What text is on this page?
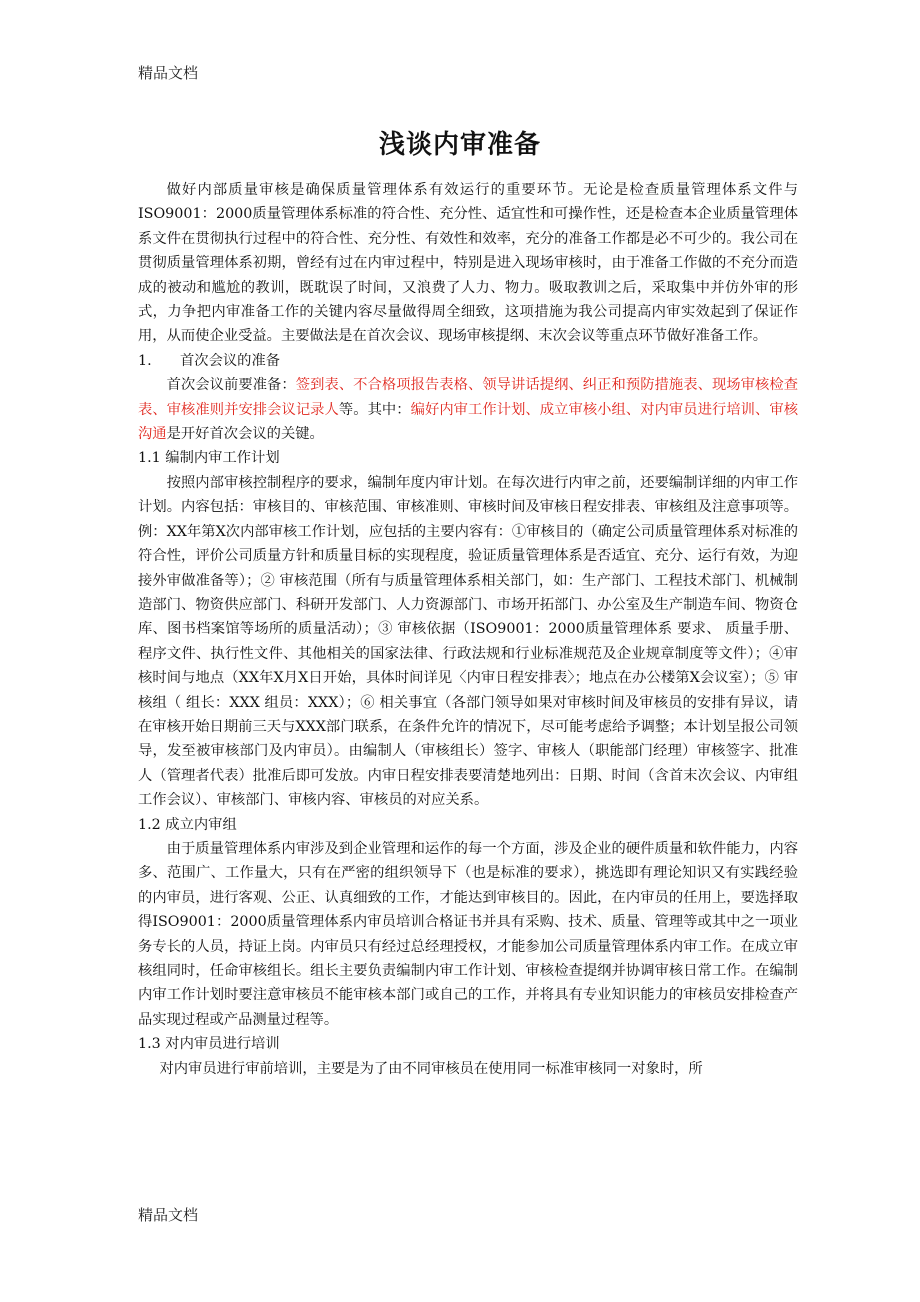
精品文档
浅谈内审准备

做好内部质量审核是确保质量管理体系有效运行的重要环节。无论是检查质量管理体系文件与ISO9001：2000质量管理体系标准的符合性、充分性、适宜性和可操作性，还是检查本企业质量管理体系文件在贯彻执行过程中的符合性、充分性、有效性和效率，充分的准备工作都是必不可少的。我公司在贯彻质量管理体系初期，曾经有过在内审过程中，特别是进入现场审核时，由于准备工作做的不充分而造成的被动和尴尬的教训，既耽误了时间，又浪费了人力、物力。吸取教训之后，采取集中并仿外审的形式，力争把内审准备工作的关键内容尽量做得周全细致，这项措施为我公司提高内审实效起到了保证作用，从而使企业受益。主要做法是在首次会议、现场审核提纲、末次会议等重点环节做好准备工作。

1. 首次会议的准备

首次会议前要准备：签到表、不合格项报告表格、领导讲话提纲、纠正和预防措施表、现场审核检查表、审核准则并安排会议记录人等。其中：编好内审工作计划、成立审核小组、对内审员进行培训、审核沟通是开好首次会议的关键。

1.1 编制内审工作计划

按照内部审核控制程序的要求，编制年度内审计划。在每次进行内审之前，还要编制详细的内审工作计划。内容包括：审核目的、审核范围、审核准则、审核时间及审核日程安排表、审核组及注意事项等。例：XX年第X次内部审核工作计划，应包括的主要内容有：①审核目的（确定公司质量管理体系对标准的符合性，评价公司质量方针和质量目标的实现程度，验证质量管理体系是否适宜、充分、运行有效，为迎接外审做准备等）；② 审核范围（所有与质量管理体系相关部门，如：生产部门、工程技术部门、机械制造部门、物资供应部门、科研开发部门、人力资源部门、市场开拓部门、办公室及生产制造车间、物资仓库、图书档案馆等场所的质量活动）；③ 审核依据（ISO9001：2000质量管理体系 要求、 质量手册、程序文件、执行性文件、其他相关的国家法律、行政法规和行业标准规范及企业规章制度等文件）；④审核时间与地点（XX年X月X日开始，具体时间详见〈内审日程安排表〉；地点在办公楼第X会议室）；⑤ 审核组（ 组长：XXX 组员：XXX）；⑥ 相关事宜（各部门领导如果对审核时间及审核员的安排有异议，请在审核开始日期前三天与XXX部门联系，在条件允许的情况下，尽可能考虑给予调整；本计划呈报公司领导，发至被审核部门及内审员）。由编制人（审核组长）签字、审核人（职能部门经理）审核签字、批准人（管理者代表）批准后即可发放。内审日程安排表要清楚地列出：日期、时间（含首末次会议、内审组工作会议）、审核部门、审核内容、审核员的对应关系。

1.2 成立内审组

由于质量管理体系内审涉及到企业管理和运作的每一个方面，涉及企业的硬件质量和软件能力，内容多、范围广、工作量大，只有在严密的组织领导下（也是标准的要求），挑选即有理论知识又有实践经验的内审员，进行客观、公正、认真细致的工作，才能达到审核目的。因此，在内审员的任用上，要选择取得ISO9001：2000质量管理体系内审员培训合格证书并具有采购、技术、质量、管理等或其中之一项业务专长的人员，持证上岗。内审员只有经过总经理授权，才能参加公司质量管理体系内审工作。在成立审核组同时，任命审核组长。组长主要负责编制内审工作计划、审核检查提纲并协调审核日常工作。在编制内审工作计划时要注意审核员不能审核本部门或自己的工作，并将具有专业知识能力的审核员安排检查产品实现过程或产品测量过程等。

1.3 对内审员进行培训

对内审员进行审前培训，主要是为了由不同审核员在使用同一标准审核同一对象时，所

精品文档
